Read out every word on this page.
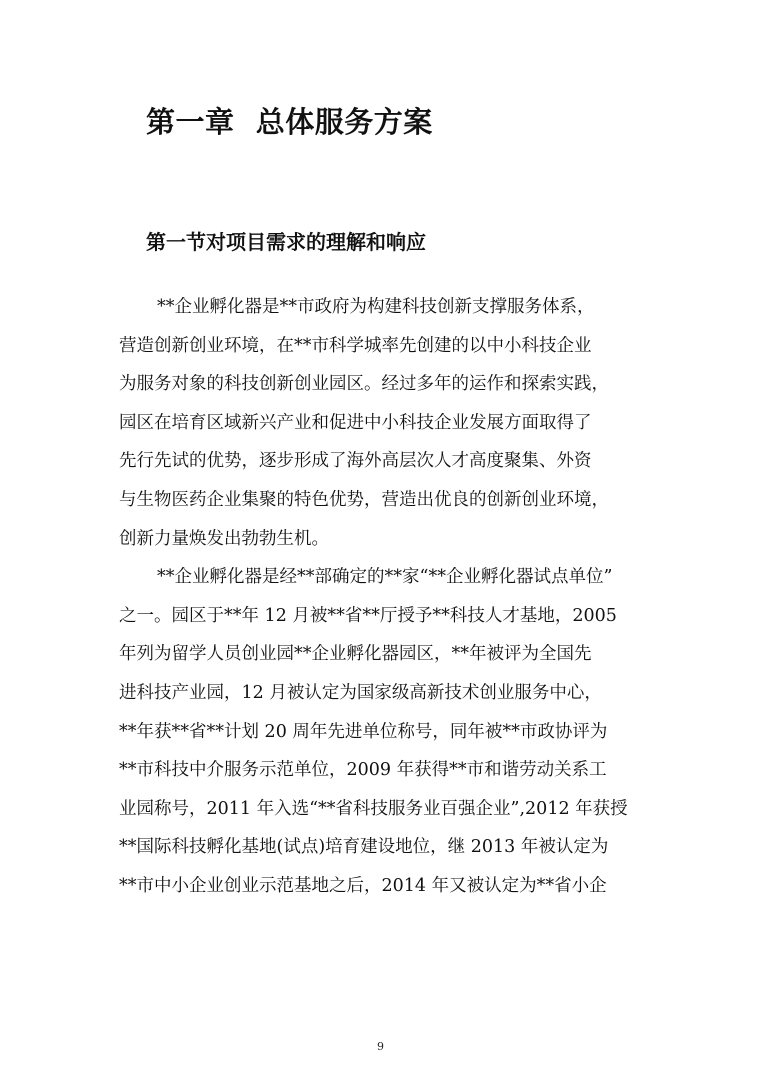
第一章  总体服务方案
第一节对项目需求的理解和响应
**企业孵化器是**市政府为构建科技创新支撑服务体系，
营造创新创业环境，在**市科学城率先创建的以中小科技企业
为服务对象的科技创新创业园区。经过多年的运作和探索实践，
园区在培育区域新兴产业和促进中小科技企业发展方面取得了
先行先试的优势，逐步形成了海外高层次人才高度聚集、外资
与生物医药企业集聚的特色优势，营造出优良的创新创业环境，
创新力量焕发出勃勃生机。
**企业孵化器是经**部确定的**家“**企业孵化器试点单位”
之一。园区于**年 12 月被**省**厅授予**科技人才基地，2005
年列为留学人员创业园**企业孵化器园区，**年被评为全国先
进科技产业园，12 月被认定为国家级高新技术创业服务中心，
**年获**省**计划 20 周年先进单位称号，同年被**市政协评为
**市科技中介服务示范单位，2009 年获得**市和谐劳动关系工
业园称号，2011 年入选“**省科技服务业百强企业”,2012 年获授
**国际科技孵化基地(试点)培育建设地位，继 2013 年被认定为
**市中小企业创业示范基地之后，2014 年又被认定为**省小企
9
